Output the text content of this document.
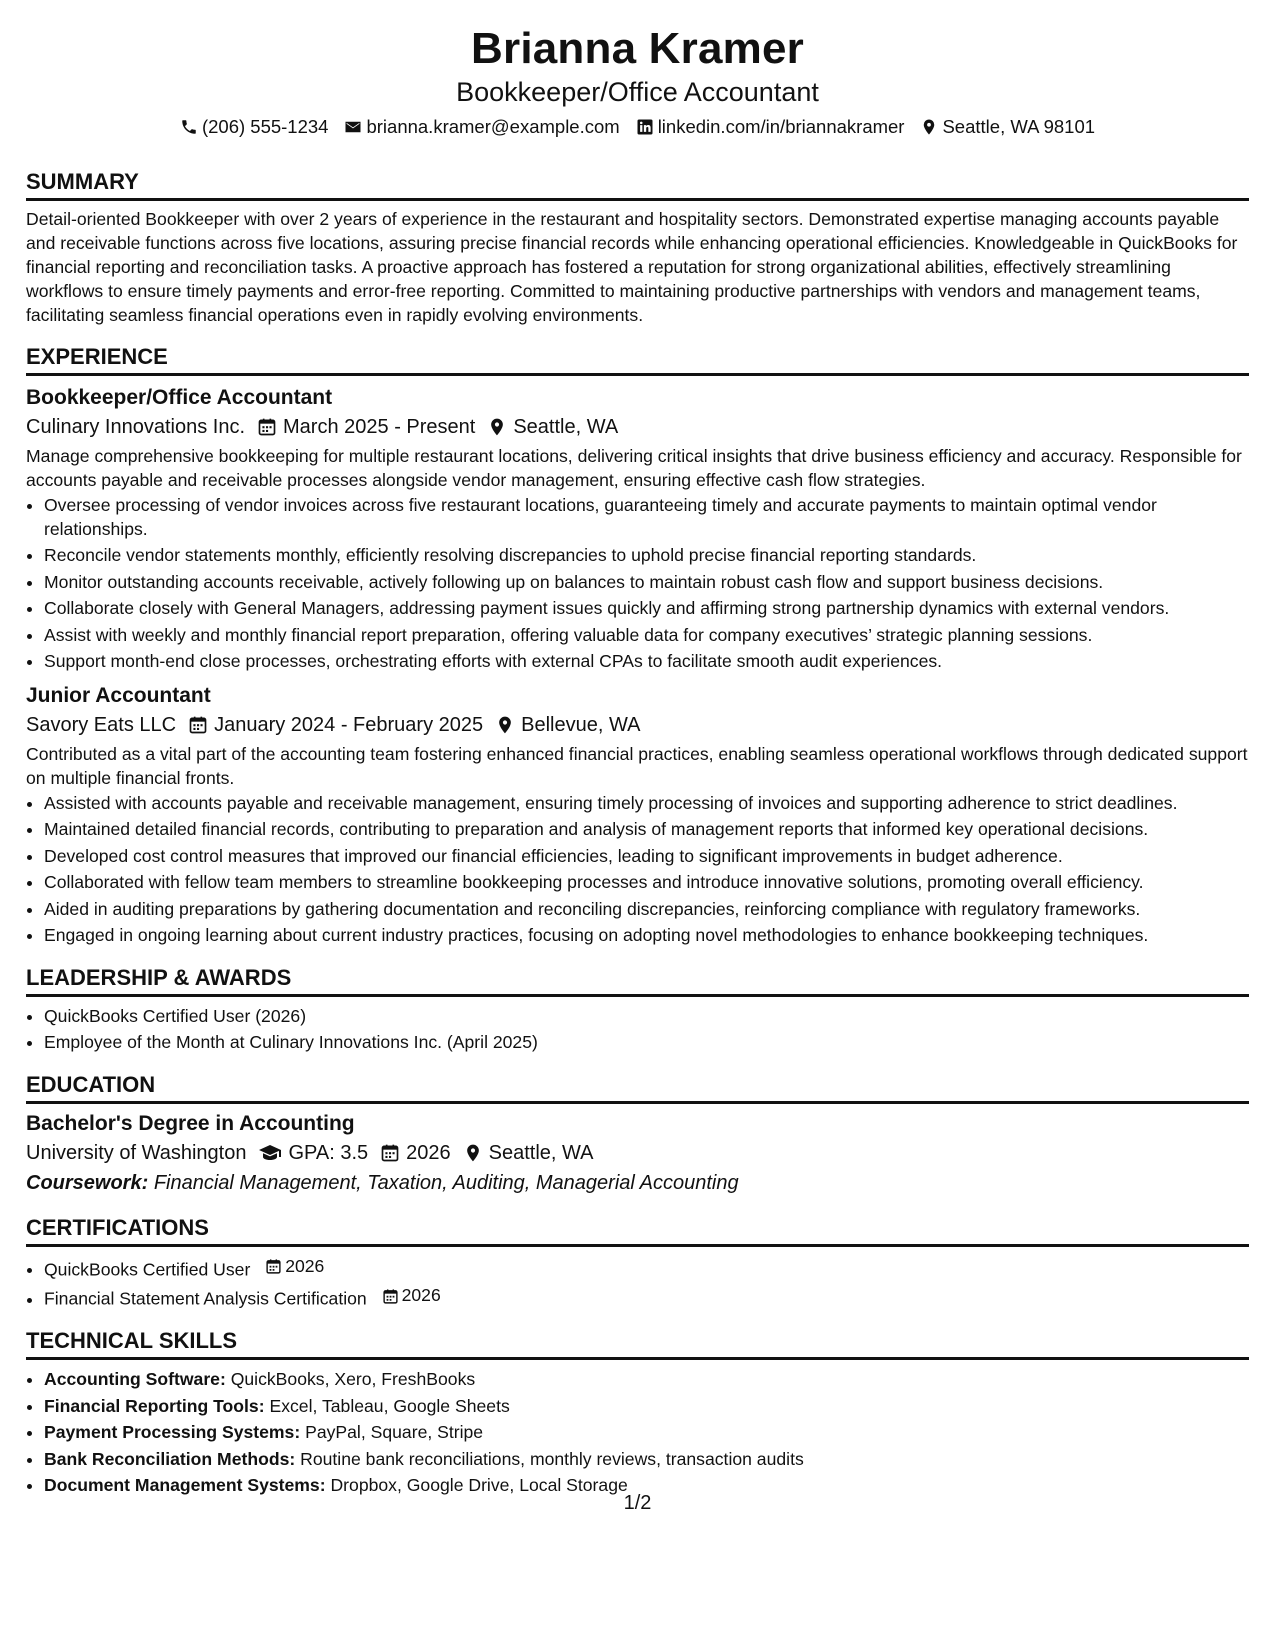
Brianna Kramer

Bookkeeper/Office Accountant

(206) 555-1234 brianna.kramer@example.com linkedin.com/in/briannakramer Seattle, WA 98101
SUMMARY

Detail-oriented Bookkeeper with over 2 years of experience in the restaurant and hospitality sectors. Demonstrated expertise managing accounts payable and receivable functions across five locations, assuring precise financial records while enhancing operational efficiencies. Knowledgeable in QuickBooks for financial reporting and reconciliation tasks. A proactive approach has fostered a reputation for strong organizational abilities, effectively streamlining workflows to ensure timely payments and error-free reporting. Committed to maintaining productive partnerships with vendors and management teams, facilitating seamless financial operations even in rapidly evolving environments.

EXPERIENCE

Bookkeeper/Office Accountant

Culinary Innovations Inc. March 2025 - Present Seattle, WA

Manage comprehensive bookkeeping for multiple restaurant locations, delivering critical insights that drive business efficiency and accuracy. Responsible for accounts payable and receivable processes alongside vendor management, ensuring effective cash flow strategies.

• Oversee processing of vendor invoices across five restaurant locations, guaranteeing timely and accurate payments to maintain optimal vendor relationships.
• Reconcile vendor statements monthly, efficiently resolving discrepancies to uphold precise financial reporting standards.
• Monitor outstanding accounts receivable, actively following up on balances to maintain robust cash flow and support business decisions.
• Collaborate closely with General Managers, addressing payment issues quickly and affirming strong partnership dynamics with external vendors.
• Assist with weekly and monthly financial report preparation, offering valuable data for company executives’ strategic planning sessions.
• Support month-end close processes, orchestrating efforts with external CPAs to facilitate smooth audit experiences.

Junior Accountant

Savory Eats LLC January 2024 - February 2025 Bellevue, WA

Contributed as a vital part of the accounting team fostering enhanced financial practices, enabling seamless operational workflows through dedicated support on multiple financial fronts.

• Assisted with accounts payable and receivable management, ensuring timely processing of invoices and supporting adherence to strict deadlines.
• Maintained detailed financial records, contributing to preparation and analysis of management reports that informed key operational decisions.
• Developed cost control measures that improved our financial efficiencies, leading to significant improvements in budget adherence.
• Collaborated with fellow team members to streamline bookkeeping processes and introduce innovative solutions, promoting overall efficiency.
• Aided in auditing preparations by gathering documentation and reconciling discrepancies, reinforcing compliance with regulatory frameworks.
• Engaged in ongoing learning about current industry practices, focusing on adopting novel methodologies to enhance bookkeeping techniques.
LEADERSHIP & AWARDS
• QuickBooks Certified User (2026)
• Employee of the Month at Culinary Innovations Inc. (April 2025)
EDUCATION

Bachelor's Degree in Accounting

University of Washington GPA: 3.5 2026 Seattle, WA
Coursework: Financial Management, Taxation, Auditing, Managerial Accounting
CERTIFICATIONS
• QuickBooks Certified User 2026
• Financial Statement Analysis Certification 2026
TECHNICAL SKILLS
• Accounting Software: QuickBooks, Xero, FreshBooks
• Financial Reporting Tools: Excel, Tableau, Google Sheets
• Payment Processing Systems: PayPal, Square, Stripe
• Bank Reconciliation Methods: Routine bank reconciliations, monthly reviews, transaction audits
• Document Management Systems: Dropbox, Google Drive, Local Storage
1/2
